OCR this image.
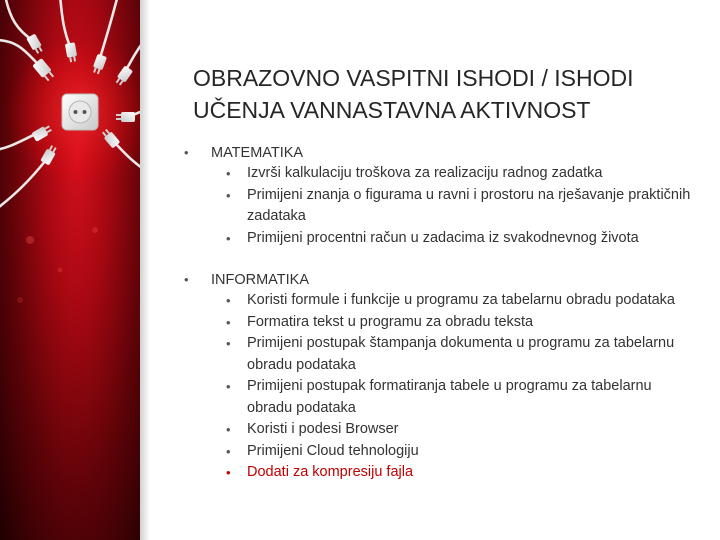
OBRAZOVNO VASPITNI ISHODI / ISHODI
UČENJA VANNASTAVNA AKTIVNOST
• MATEMATIKA
• Izvrši kalkulaciju troškova za realizaciju radnog zadatka
• Primijeni znanja o figurama u ravni i prostoru na rješavanje praktičnih zadataka
• Primijeni procentni račun u zadacima iz svakodnevnog života
• INFORMATIKA
• Koristi formule i funkcije u programu za tabelarnu obradu podataka
• Formatira tekst u programu za obradu teksta
• Primijeni postupak štampanja dokumenta u programu za tabelarnu obradu podataka
• Primijeni postupak formatiranja tabele u programu za tabelarnu obradu podataka
• Koristi i podesi Browser
• Primijeni Cloud tehnologiju
• Dodati za kompresiju fajla
